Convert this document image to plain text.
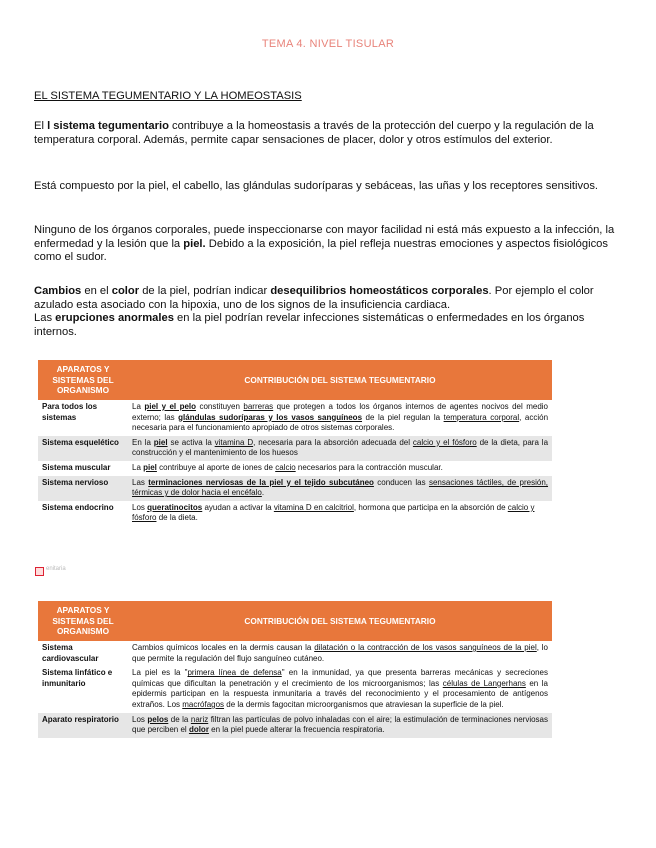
TEMA 4. NIVEL TISULAR
EL SISTEMA TEGUMENTARIO Y LA HOMEOSTASIS

El l sistema tegumentario contribuye a la homeostasis a través de la protección del cuerpo y la regulación de la temperatura corporal. Además, permite capar sensaciones de placer, dolor y otros estímulos del exterior.

Está compuesto por la piel, el cabello, las glándulas sudoríparas y sebáceas, las uñas y los receptores sensitivos.

Ninguno de los órganos corporales, puede inspeccionarse con mayor facilidad ni está más expuesto a la infección, la enfermedad y la lesión que la piel. Debido a la exposición, la piel refleja nuestras emociones y aspectos fisiológicos como el sudor.

Cambios en el color de la piel, podrían indicar desequilibrios homeostáticos corporales. Por ejemplo el color azulado esta asociado con la hipoxia, uno de los signos de la insuficiencia cardiaca.
Las erupciones anormales en la piel podrían revelar infecciones sistemáticas o enfermedades en los órganos internos.

APARATOS Y SISTEMAS DEL ORGANISMO	CONTRIBUCIÓN DEL SISTEMA TEGUMENTARIO
Para todos los sistemas	La piel y el pelo constituyen barreras que protegen a todos los órganos internos de agentes nocivos del medio externo; las glándulas sudoríparas y los vasos sanguíneos de la piel regulan la temperatura corporal, acción necesaria para el funcionamiento apropiado de otros sistemas corporales.
Sistema esquelético	En la piel se activa la vitamina D, necesaria para la absorción adecuada del calcio y el fósforo de la dieta, para la construcción y el mantenimiento de los huesos
Sistema muscular	La piel contribuye al aporte de iones de calcio necesarios para la contracción muscular.
Sistema nervioso	Las terminaciones nerviosas de la piel y el tejido subcutáneo conducen las sensaciones táctiles, de presión, térmicas y de dolor hacia el encéfalo.
Sistema endocrino	Los queratinocitos ayudan a activar la vitamina D en calcitriol, hormona que participa en la absorción de calcio y fósforo de la dieta.
enitaria
APARATOS Y SISTEMAS DEL ORGANISMO	CONTRIBUCIÓN DEL SISTEMA TEGUMENTARIO
Sistema cardiovascular	Cambios químicos locales en la dermis causan la dilatación o la contracción de los vasos sanguíneos de la piel, lo que permite la regulación del flujo sanguíneo cutáneo.
Sistema linfático e inmunitario	La piel es la "primera línea de defensa" en la inmunidad, ya que presenta barreras mecánicas y secreciones químicas que dificultan la penetración y el crecimiento de los microorganismos; las células de Langerhans en la epidermis participan en la respuesta inmunitaria a través del reconocimiento y el procesamiento de antígenos extraños. Los macrófagos de la dermis fagocitan microorganismos que atraviesan la superficie de la piel.
Aparato respiratorio	Los pelos de la nariz filtran las partículas de polvo inhaladas con el aire; la estimulación de terminaciones nerviosas que perciben el dolor en la piel puede alterar la frecuencia respiratoria.
